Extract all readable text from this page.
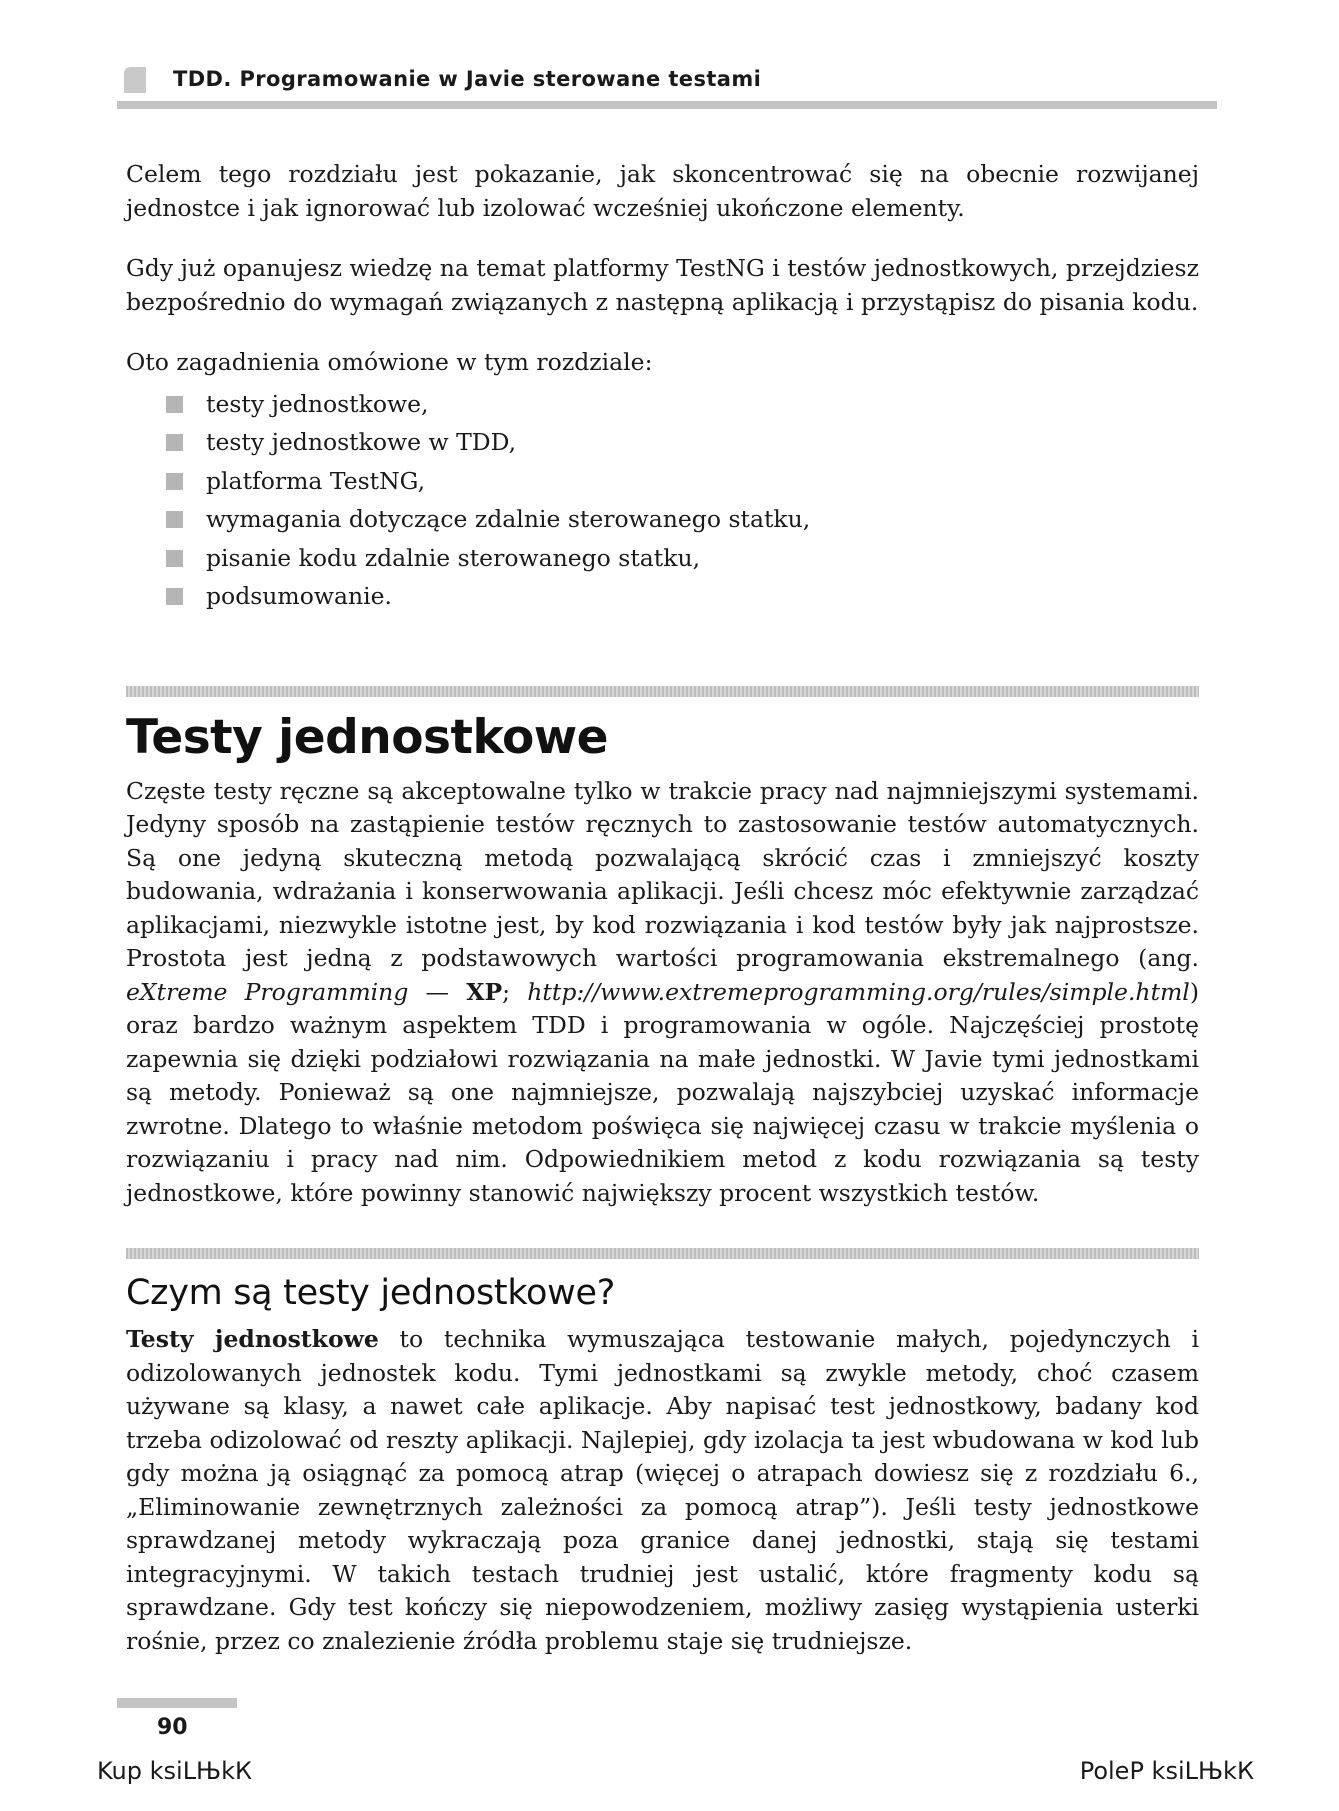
TDD. Programowanie w Javie sterowane testami

Celem tego rozdziału jest pokazanie, jak skoncentrować się na obecnie rozwijanej jednostce i jak ignorować lub izolować wcześniej ukończone elementy.

Gdy już opanujesz wiedzę na temat platformy TestNG i testów jednostkowych, przejdziesz bezpośrednio do wymagań związanych z następną aplikacją i przystąpisz do pisania kodu.

Oto zagadnienia omówione w tym rozdziale:

testy jednostkowe,
testy jednostkowe w TDD,
platforma TestNG,
wymagania dotyczące zdalnie sterowanego statku,
pisanie kodu zdalnie sterowanego statku,
podsumowanie.
Testy jednostkowe

Częste testy ręczne są akceptowalne tylko w trakcie pracy nad najmniejszymi systemami. Jedyny sposób na zastąpienie testów ręcznych to zastosowanie testów automatycznych. Są one jedyną skuteczną metodą pozwalającą skrócić czas i zmniejszyć koszty budowania, wdrażania i konserwowania aplikacji. Jeśli chcesz móc efektywnie zarządzać aplikacjami, niezwykle istotne jest, by kod rozwiązania i kod testów były jak najprostsze. Prostota jest jedną z podstawowych wartości programowania ekstremalnego (ang. eXtreme Programming — XP; http://www.extremeprogramming.org/rules/simple.html) oraz bardzo ważnym aspektem TDD i programowania w ogóle. Najczęściej prostotę zapewnia się dzięki podziałowi rozwiązania na małe jednostki. W Javie tymi jednostkami są metody. Ponieważ są one najmniejsze, pozwalają najszybciej uzyskać informacje zwrotne. Dlatego to właśnie metodom poświęca się najwięcej czasu w trakcie myślenia o rozwiązaniu i pracy nad nim. Odpowiednikiem metod z kodu rozwiązania są testy jednostkowe, które powinny stanowić największy procent wszystkich testów.

Czym są testy jednostkowe?

Testy jednostkowe to technika wymuszająca testowanie małych, pojedynczych i odizolowanych jednostek kodu. Tymi jednostkami są zwykle metody, choć czasem używane są klasy, a nawet całe aplikacje. Aby napisać test jednostkowy, badany kod trzeba odizolować od reszty aplikacji. Najlepiej, gdy izolacja ta jest wbudowana w kod lub gdy można ją osiągnąć za pomocą atrap (więcej o atrapach dowiesz się z rozdziału 6., „Eliminowanie zewnętrznych zależności za pomocą atrap”). Jeśli testy jednostkowe sprawdzanej metody wykraczają poza granice danej jednostki, stają się testami integracyjnymi. W takich testach trudniej jest ustalić, które fragmenty kodu są sprawdzane. Gdy test kończy się niepowodzeniem, możliwy zasięg wystąpienia usterki rośnie, przez co znalezienie źródła problemu staje się trudniejsze.

90
Kup ksiLЊkК	PoleР ksiLЊkК
